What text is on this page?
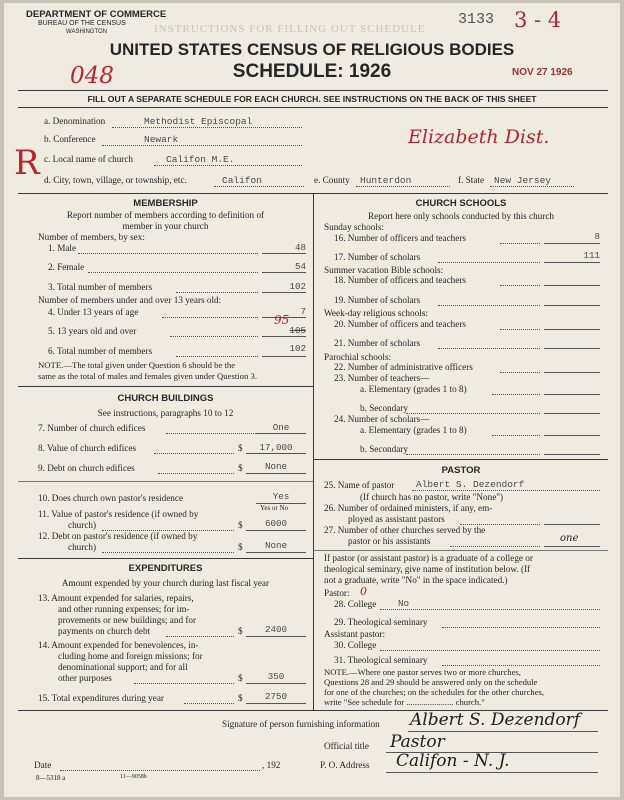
DEPARTMENT OF COMMERCE
BUREAU OF THE CENSUS
WASHINGTON	INSTRUCTIONS FOR FILLING OUT SCHEDULE
UNITED STATES CENSUS OF RELIGIOUS BODIES
SCHEDULE: 1926
3133 3 - 4
048	NOV 27 1926
FILL OUT A SEPARATE SCHEDULE FOR EACH CHURCH. SEE INSTRUCTIONS ON THE BACK OF THIS SHEET
a. Denomination	Methodist Episcopal
b. Conference	Newark	Elizabeth Dist.
c. Local name of church	Califon M.E.
R d. City, town, village, or township, etc.	Califon	e. County Hunterdon	f. State New Jersey
MEMBERSHIP
Report number of members according to definition of
member in your church
Number of members, by sex:
1. Male	48
2. Female	54
3. Total number of members	102
Number of members under and over 13 years old:
4. Under 13 years of age	7
5. 13 years old and over	105
95
6. Total number of members	102
NOTE.—The total given under Question 6 should be the
same as the total of males and females given under Question 3.
CHURCH BUILDINGS
See instructions, paragraphs 10 to 12
7. Number of church edifices	One
8. Value of church edifices	$	17,000
9. Debt on church edifices	$	None
10. Does church own pastor's residence	Yes
Yes or No
11. Value of pastor's residence (if owned by
church)	$	6000
12. Debt on pastor's residence (if owned by
church)	$	None
EXPENDITURES
Amount expended by your church during last fiscal year
13. Amount expended for salaries, repairs,
and other running expenses; for im-
provements or new buildings; and for
payments on church debt	$	2400
14. Amount expended for benevolences, in-
cluding home and foreign missions; for
denominational support; and for all
other purposes	$	350
15. Total expenditures during year	$	2750
CHURCH SCHOOLS
Report here only schools conducted by this church
Sunday schools:
16. Number of officers and teachers	8
17. Number of scholars	111
Summer vacation Bible schools:
18. Number of officers and teachers
19. Number of scholars
Week-day religious schools:
20. Number of officers and teachers
21. Number of scholars
Parochial schools:
22. Number of administrative officers
23. Number of teachers—
a. Elementary (grades 1 to 8)
b. Secondary
24. Number of scholars—
a. Elementary (grades 1 to 8)
b. Secondary
PASTOR
25. Name of pastor Albert S. Dezendorf
(If church has no pastor, write "None")
26. Number of ordained ministers, if any, em-
ployed as assistant pastors
27. Number of other churches served by the
pastor or his assistants	one
If pastor (or assistant pastor) is a graduate of a college or
theological seminary, give name of institution below. (If
not a graduate, write "No" in the space indicated.)
Pastor: 0
28. College No
29. Theological seminary
Assistant pastor:
30. College
31. Theological seminary
NOTE.—Where one pastor serves two or more churches,
Questions 28 and 29 should be answered only on the schedule
for one of the churches; on the schedules for the other churches,
write "See schedule for ...................... church."
Signature of person furnishing information Albert S. Dezendorf
Official title Pastor
Date	, 192	P. O. Address Califon - N. J.
8—5318 a	11—9058b
